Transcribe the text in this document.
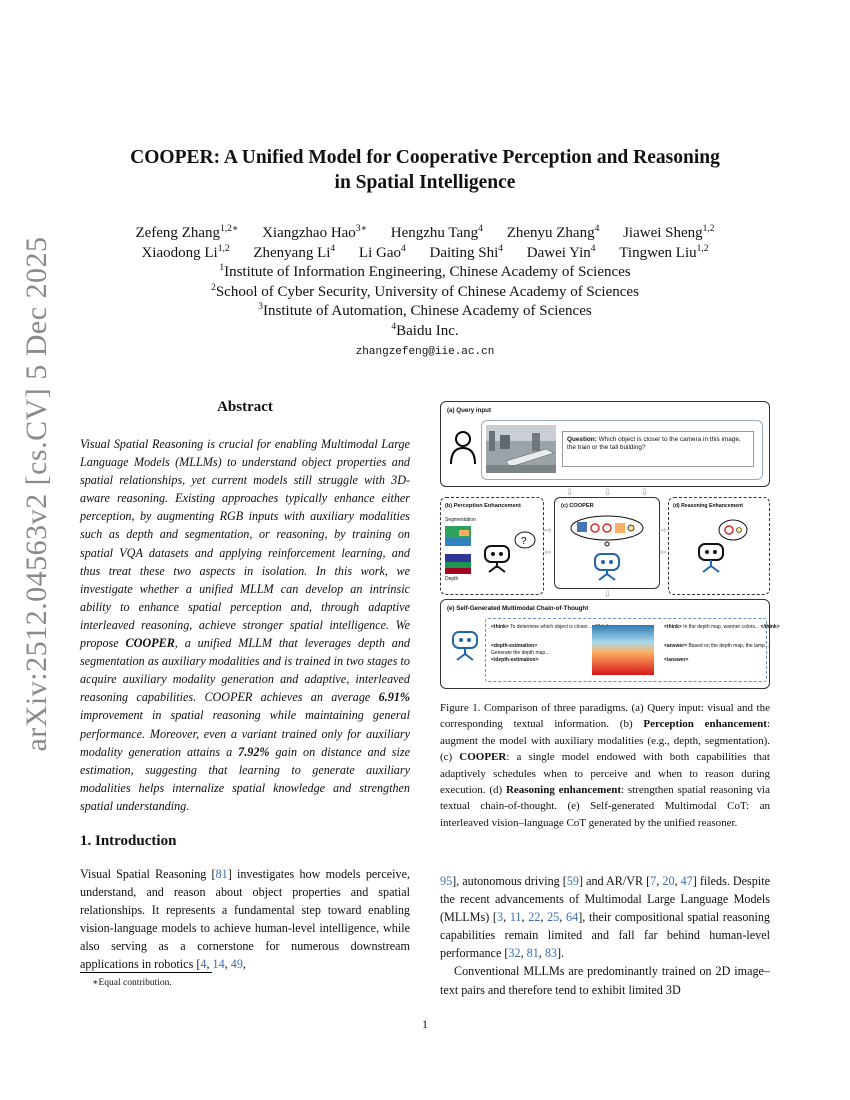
arXiv:2512.04563v2 [cs.CV] 5 Dec 2025
COOPER: A Unified Model for Cooperative Perception and Reasoning
in Spatial Intelligence
Zefeng Zhang$^{1,2∗}$ Xiangzhao Hao$^{3∗}$ Hengzhu Tang$^4$ Zhenyu Zhang$^4$ Jiawei Sheng$^{1,2}$
Xiaodong Li$^{1,2}$ Zhenyang Li$^4$ Li Gao$^4$ Daiting Shi$^4$ Dawei Yin$^4$ Tingwen Liu$^{1,2}$
$^1$Institute of Information Engineering, Chinese Academy of Sciences
$^2$School of Cyber Security, University of Chinese Academy of Sciences
$^3$Institute of Automation, Chinese Academy of Sciences
$^4$Baidu Inc.
zhangzefeng@iie.ac.cn
Abstract
Visual Spatial Reasoning is crucial for enabling Multimodal Large Language Models (MLLMs) to understand object properties and spatial relationships, yet current models still struggle with 3D-aware reasoning. Existing approaches typically enhance either perception, by augmenting RGB inputs with auxiliary modalities such as depth and segmentation, or reasoning, by training on spatial VQA datasets and applying reinforcement learning, and thus treat these two aspects in isolation. In this work, we investigate whether a unified MLLM can develop an intrinsic ability to enhance spatial perception and, through adaptive interleaved reasoning, achieve stronger spatial intelligence. We propose COOPER, a unified MLLM that leverages depth and segmentation as auxiliary modalities and is trained in two stages to acquire auxiliary modality generation and adaptive, interleaved reasoning capabilities. COOPER achieves an average 6.91% improvement in spatial reasoning while maintaining general performance. Moreover, even a variant trained only for auxiliary modality generation attains a 7.92% gain on distance and size estimation, suggesting that learning to generate auxiliary modalities helps internalize spatial knowledge and strengthen spatial understanding.
1. Introduction
Visual Spatial Reasoning [81] investigates how models perceive, understand, and reason about object properties and spatial relationships. It represents a fundamental step toward enabling vision-language models to achieve human-level intelligence, while also serving as a cornerstone for numerous downstream applications in robotics [4, 14, 49,
∗Equal contribution.
(a) Query input
Question: Which object is closer to the camera in this image, the train or the tall building?
⇩	⇩	⇩
(b) Perception Enhancement
Segmentation
Depth
?
(c) COOPER
⇨
⇦
⇨
⇦
(d) Reasoning Enhancement
⇩
(e) Self-Generated Multimodal Chain-of-Thought
<think> To determine which object is closer...
<depth-estimation>
Generate the depth map...
</depth-estimation>
<think> In the depth map, warmer colors... </think>
<answer> Based on the depth map, the lamp...
</answer>
Figure 1. Comparison of three paradigms. (a) Query input: visual and the corresponding textual information. (b) Perception enhancement: augment the model with auxiliary modalities (e.g., depth, segmentation). (c) COOPER: a single model endowed with both capabilities that adaptively schedules when to perceive and when to reason during execution. (d) Reasoning enhancement: strengthen spatial reasoning via textual chain-of-thought. (e) Self-generated Multimodal CoT: an interleaved vision–language CoT generated by the unified reasoner.

95], autonomous driving [59] and AR/VR [7, 20, 47] fileds. Despite the recent advancements of Multimodal Large Language Models (MLLMs) [3, 11, 22, 25, 64], their compositional spatial reasoning capabilities remain limited and fall far behind human-level performance [32, 81, 83].

Conventional MLLMs are predominantly trained on 2D image–text pairs and therefore tend to exhibit limited 3D

1
